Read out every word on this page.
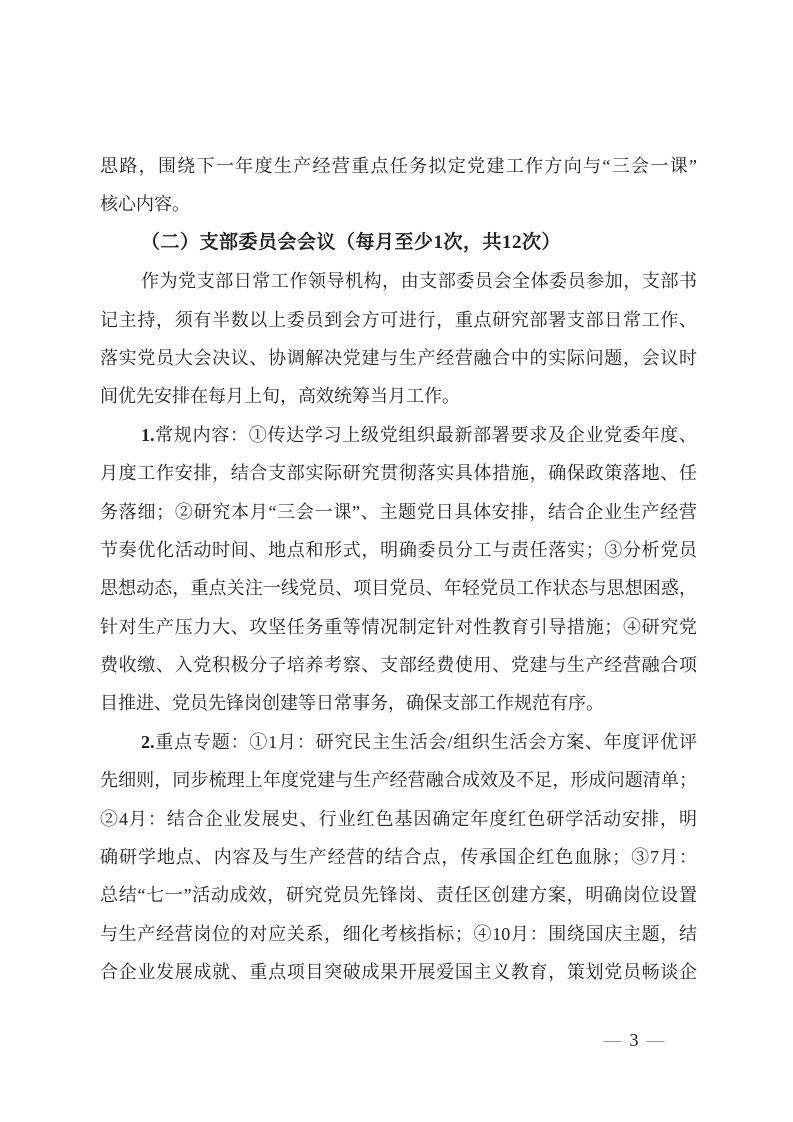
思路，围绕下一年度生产经营重点任务拟定党建工作方向与“三会一课”
核心内容。
（二）支部委员会会议（每月至少1次，共12次）
作为党支部日常工作领导机构，由支部委员会全体委员参加，支部书
记主持，须有半数以上委员到会方可进行，重点研究部署支部日常工作、
落实党员大会决议、协调解决党建与生产经营融合中的实际问题，会议时
间优先安排在每月上旬，高效统筹当月工作。
1.常规内容：①传达学习上级党组织最新部署要求及企业党委年度、
月度工作安排，结合支部实际研究贯彻落实具体措施，确保政策落地、任
务落细；②研究本月“三会一课”、主题党日具体安排，结合企业生产经营
节奏优化活动时间、地点和形式，明确委员分工与责任落实；③分析党员
思想动态，重点关注一线党员、项目党员、年轻党员工作状态与思想困惑，
针对生产压力大、攻坚任务重等情况制定针对性教育引导措施；④研究党
费收缴、入党积极分子培养考察、支部经费使用、党建与生产经营融合项
目推进、党员先锋岗创建等日常事务，确保支部工作规范有序。
2.重点专题：①1月：研究民主生活会/组织生活会方案、年度评优评
先细则，同步梳理上年度党建与生产经营融合成效及不足，形成问题清单；
②4月：结合企业发展史、行业红色基因确定年度红色研学活动安排，明
确研学地点、内容及与生产经营的结合点，传承国企红色血脉；③7月：
总结“七一”活动成效，研究党员先锋岗、责任区创建方案，明确岗位设置
与生产经营岗位的对应关系，细化考核指标；④10月：围绕国庆主题，结
合企业发展成就、重点项目突破成果开展爱国主义教育，策划党员畅谈企
— 3 —
